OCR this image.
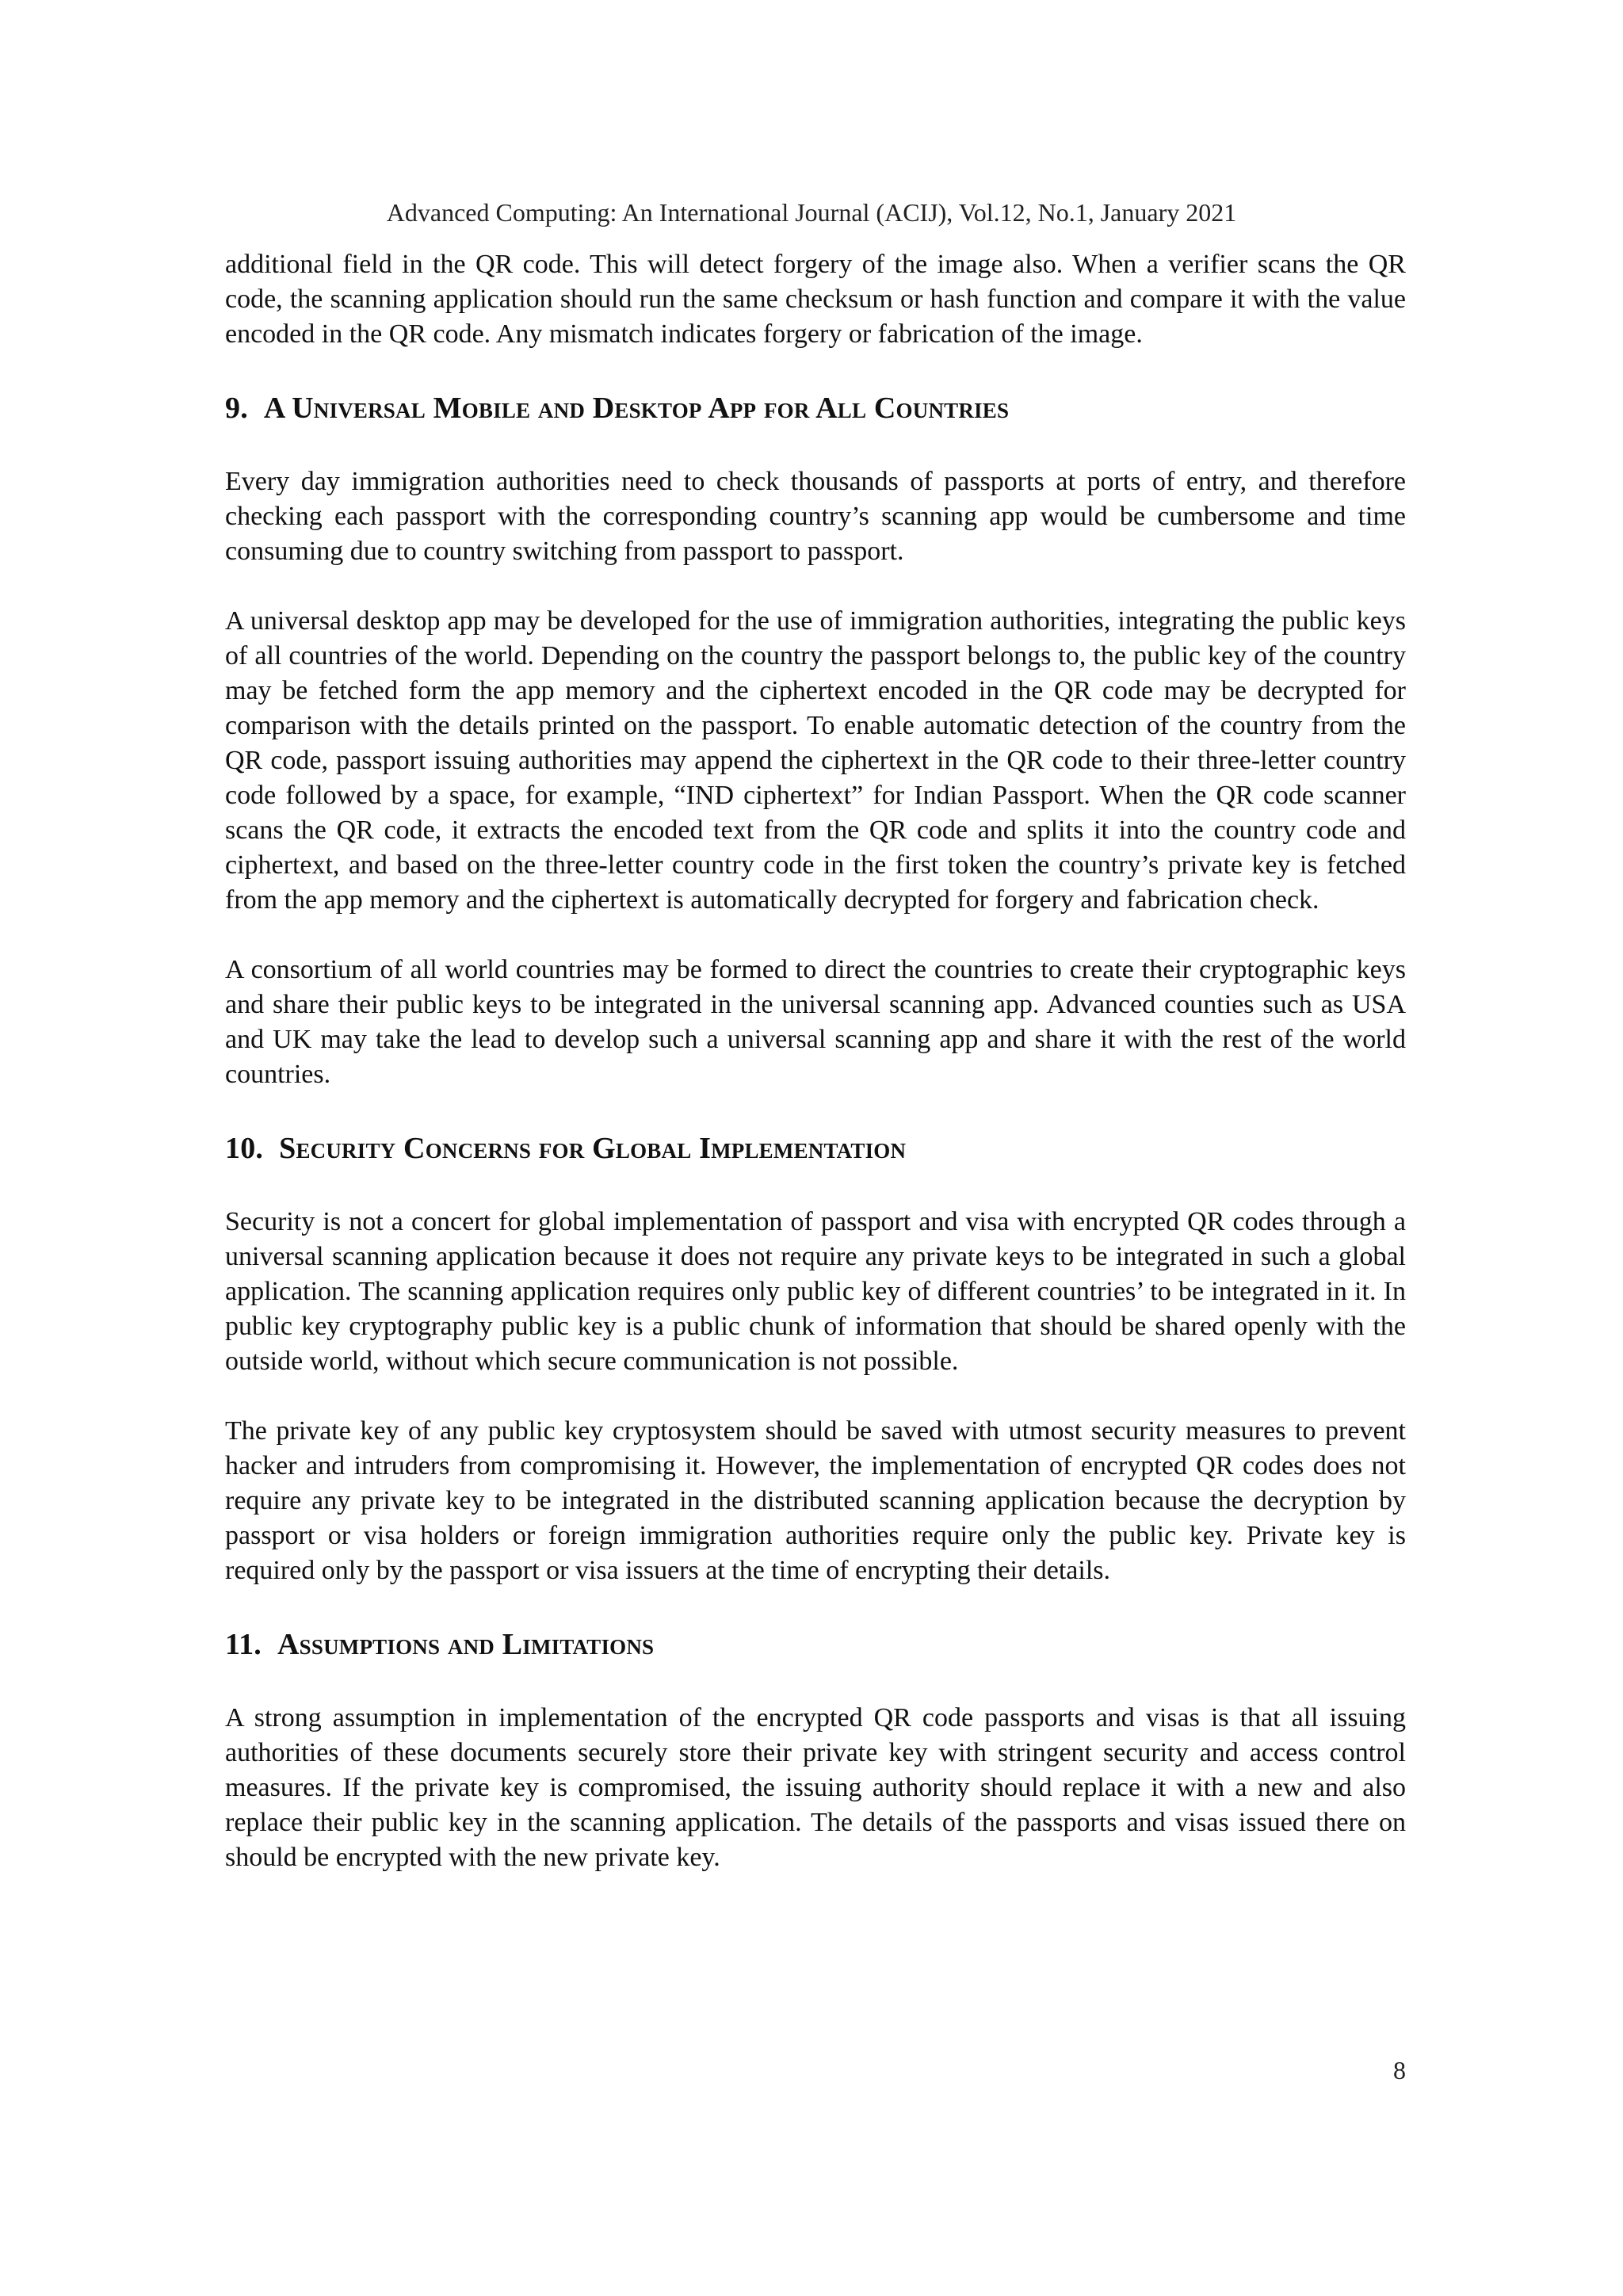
Advanced Computing: An International Journal (ACIJ), Vol.12, No.1, January 2021

additional field in the QR code. This will detect forgery of the image also. When a verifier scans the QR code, the scanning application should run the same checksum or hash function and compare it with the value encoded in the QR code. Any mismatch indicates forgery or fabrication of the image.

9. A Universal Mobile and Desktop App for All Countries

Every day immigration authorities need to check thousands of passports at ports of entry, and therefore checking each passport with the corresponding country’s scanning app would be cumbersome and time consuming due to country switching from passport to passport.

A universal desktop app may be developed for the use of immigration authorities, integrating the public keys of all countries of the world. Depending on the country the passport belongs to, the public key of the country may be fetched form the app memory and the ciphertext encoded in the QR code may be decrypted for comparison with the details printed on the passport. To enable automatic detection of the country from the QR code, passport issuing authorities may append the ciphertext in the QR code to their three-letter country code followed by a space, for example, “IND ciphertext” for Indian Passport. When the QR code scanner scans the QR code, it extracts the encoded text from the QR code and splits it into the country code and ciphertext, and based on the three-letter country code in the first token the country’s private key is fetched from the app memory and the ciphertext is automatically decrypted for forgery and fabrication check.

A consortium of all world countries may be formed to direct the countries to create their cryptographic keys and share their public keys to be integrated in the universal scanning app. Advanced counties such as USA and UK may take the lead to develop such a universal scanning app and share it with the rest of the world countries.

10. Security Concerns for Global Implementation

Security is not a concert for global implementation of passport and visa with encrypted QR codes through a universal scanning application because it does not require any private keys to be integrated in such a global application. The scanning application requires only public key of different countries’ to be integrated in it. In public key cryptography public key is a public chunk of information that should be shared openly with the outside world, without which secure communication is not possible.

The private key of any public key cryptosystem should be saved with utmost security measures to prevent hacker and intruders from compromising it. However, the implementation of encrypted QR codes does not require any private key to be integrated in the distributed scanning application because the decryption by passport or visa holders or foreign immigration authorities require only the public key. Private key is required only by the passport or visa issuers at the time of encrypting their details.

11. Assumptions and Limitations

A strong assumption in implementation of the encrypted QR code passports and visas is that all issuing authorities of these documents securely store their private key with stringent security and access control measures. If the private key is compromised, the issuing authority should replace it with a new and also replace their public key in the scanning application. The details of the passports and visas issued there on should be encrypted with the new private key.

8
